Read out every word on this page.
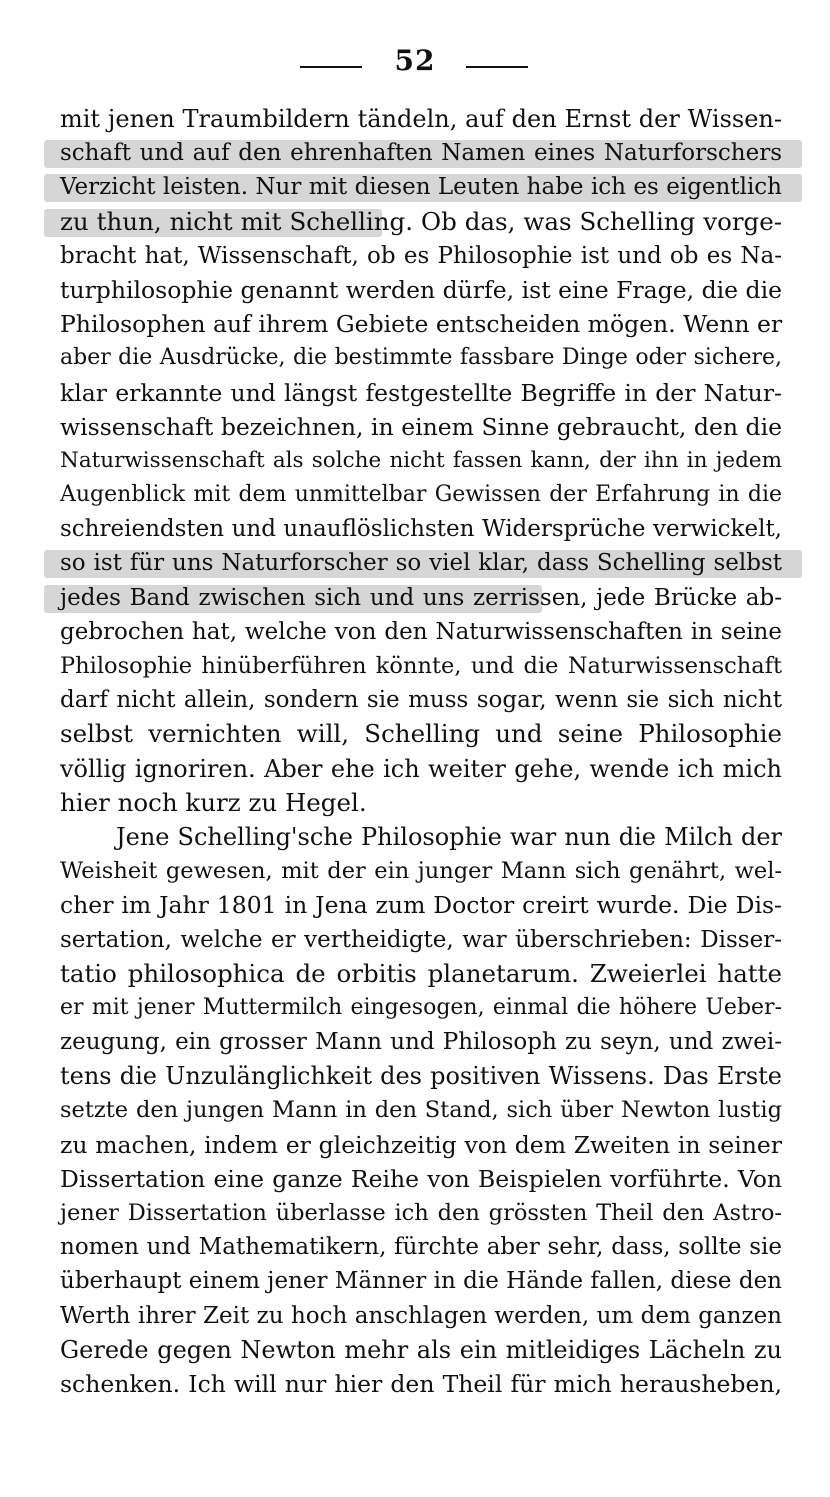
52
mit jenen Traumbildern tändeln, auf den Ernst der Wissen-
schaft und auf den ehrenhaften Namen eines Naturforschers
Verzicht leisten. Nur mit diesen Leuten habe ich es eigentlich
zu thun, nicht mit Schelling. Ob das, was Schelling vorge-
bracht hat, Wissenschaft, ob es Philosophie ist und ob es Na-
turphilosophie genannt werden dürfe, ist eine Frage, die die
Philosophen auf ihrem Gebiete entscheiden mögen. Wenn er
aber die Ausdrücke, die bestimmte fassbare Dinge oder sichere,
klar erkannte und längst festgestellte Begriffe in der Natur-
wissenschaft bezeichnen, in einem Sinne gebraucht, den die
Naturwissenschaft als solche nicht fassen kann, der ihn in jedem
Augenblick mit dem unmittelbar Gewissen der Erfahrung in die
schreiendsten und unauflöslichsten Widersprüche verwickelt,
so ist für uns Naturforscher so viel klar, dass Schelling selbst
jedes Band zwischen sich und uns zerrissen, jede Brücke ab-
gebrochen hat, welche von den Naturwissenschaften in seine
Philosophie hinüberführen könnte, und die Naturwissenschaft
darf nicht allein, sondern sie muss sogar, wenn sie sich nicht
selbst vernichten will, Schelling und seine Philosophie
völlig ignoriren. Aber ehe ich weiter gehe, wende ich mich
hier noch kurz zu Hegel.
Jene Schelling'sche Philosophie war nun die Milch der
Weisheit gewesen, mit der ein junger Mann sich genährt, wel-
cher im Jahr 1801 in Jena zum Doctor creirt wurde. Die Dis-
sertation, welche er vertheidigte, war überschrieben: Disser-
tatio philosophica de orbitis planetarum. Zweierlei hatte
er mit jener Muttermilch eingesogen, einmal die höhere Ueber-
zeugung, ein grosser Mann und Philosoph zu seyn, und zwei-
tens die Unzulänglichkeit des positiven Wissens. Das Erste
setzte den jungen Mann in den Stand, sich über Newton lustig
zu machen, indem er gleichzeitig von dem Zweiten in seiner
Dissertation eine ganze Reihe von Beispielen vorführte. Von
jener Dissertation überlasse ich den grössten Theil den Astro-
nomen und Mathematikern, fürchte aber sehr, dass, sollte sie
überhaupt einem jener Männer in die Hände fallen, diese den
Werth ihrer Zeit zu hoch anschlagen werden, um dem ganzen
Gerede gegen Newton mehr als ein mitleidiges Lächeln zu
schenken. Ich will nur hier den Theil für mich herausheben,
